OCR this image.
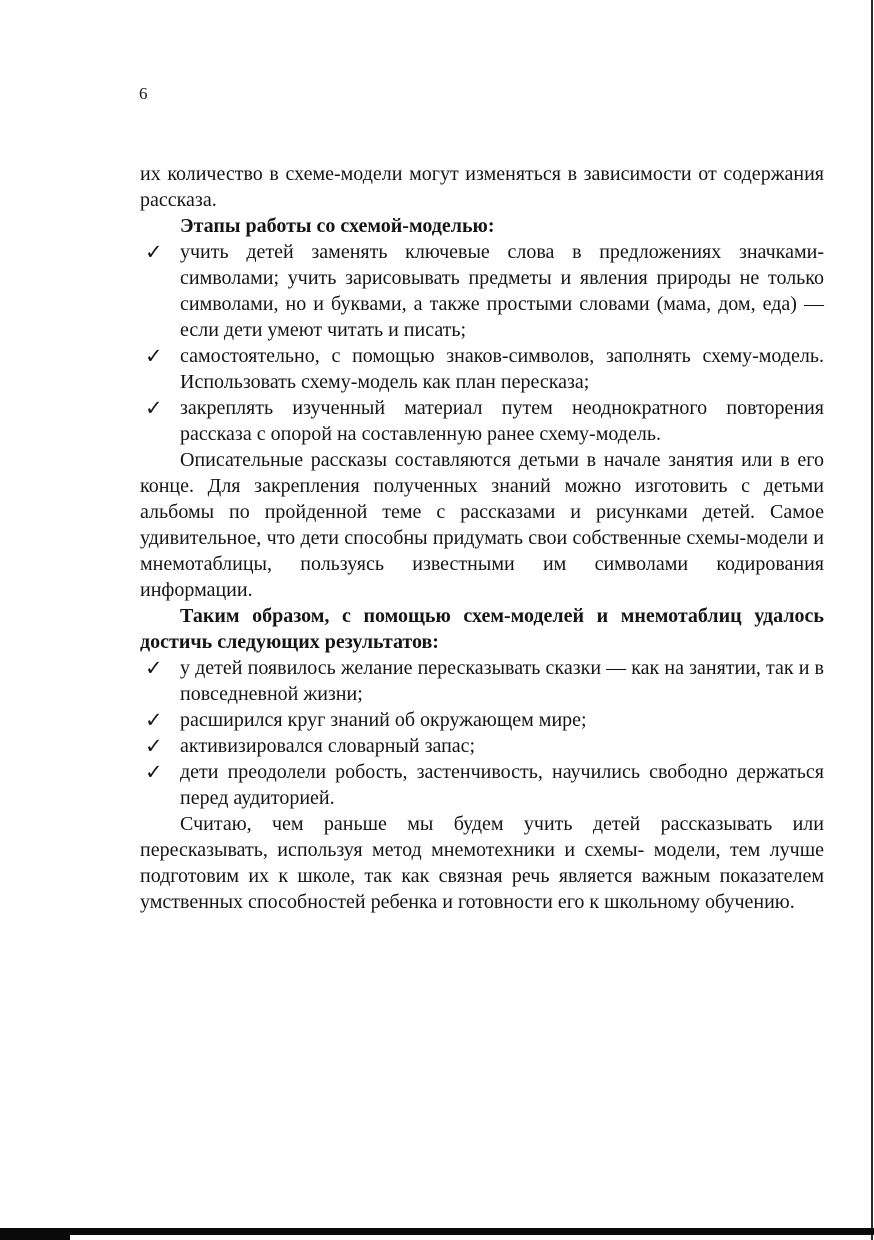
6

их количество в схеме-модели могут изменяться в зависимости от содержания рассказа.

Этапы работы со схемой-моделью:

✓ учить детей заменять ключевые слова в предложениях значками-символами; учить зарисовывать предметы и явления природы не только символами, но и буквами, а также простыми словами (мама, дом, еда) — если дети умеют читать и писать;
✓ самостоятельно, с помощью знаков-символов, заполнять схему-модель. Использовать схему-модель как план пересказа;
✓ закреплять изученный материал путем неоднократного повторения рассказа с опорой на составленную ранее схему-модель.

Описательные рассказы составляются детьми в начале занятия или в его конце. Для закрепления полученных знаний можно изготовить с детьми альбомы по пройденной теме с рассказами и рисунками детей. Самое удивительное, что дети способны придумать свои собственные схемы-модели и мнемотаблицы, пользуясь известными им символами кодирования информации.

Таким образом, с помощью схем-моделей и мнемотаблиц удалось достичь следующих результатов:

✓ у детей появилось желание пересказывать сказки — как на занятии, так и в повседневной жизни;
✓ расширился круг знаний об окружающем мире;
✓ активизировался словарный запас;
✓ дети преодолели робость, застенчивость, научились свободно держаться перед аудиторией.

Считаю, чем раньше мы будем учить детей рассказывать или пересказывать, используя метод мнемотехники и схемы- модели, тем лучше подготовим их к школе, так как связная речь является важным показателем умственных способностей ребенка и готовности его к школьному обучению.
